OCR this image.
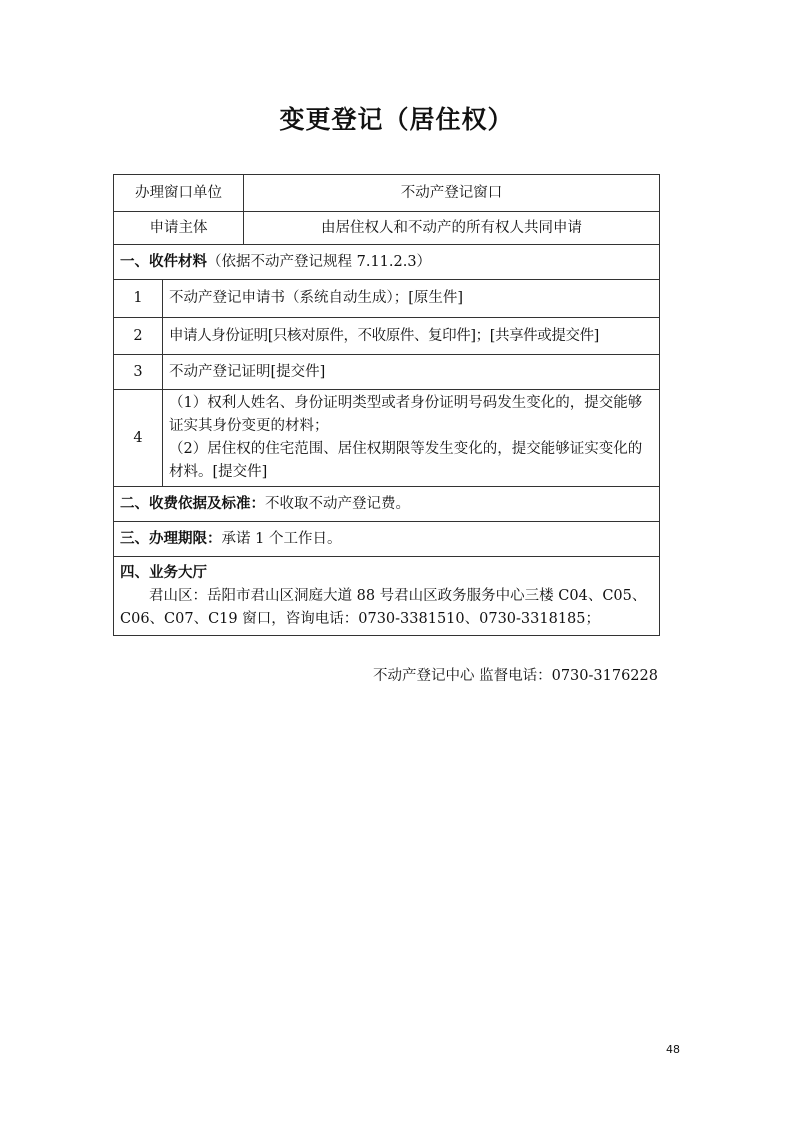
变更登记（居住权）
办理窗口单位		不动产登记窗口
申请主体		由居住权人和不动产的所有权人共同申请
一、收件材料（依据不动产登记规程 7.11.2.3）		
1	不动产登记申请书（系统自动生成）；[原生件]	
2	申请人身份证明[只核对原件，不收原件、复印件]；[共享件或提交件]	
3	不动产登记证明[提交件]	
4	（1）权利人姓名、身份证明类型或者身份证明号码发生变化的，提交能够证实其身份变更的材料；
（2）居住权的住宅范围、居住权期限等发生变化的，提交能够证实变化的材料。[提交件]	

二、收费依据及标准：不收取不动产登记费。		
三、办理期限：承诺 1 个工作日。		

四、业务大厅
君山区：岳阳市君山区洞庭大道 88 号君山区政务服务中心三楼 C04、C05、C06、C07、C19 窗口，咨询电话：0730-3381510、0730-3318185；		
不动产登记中心 监督电话：0730-3176228
48
